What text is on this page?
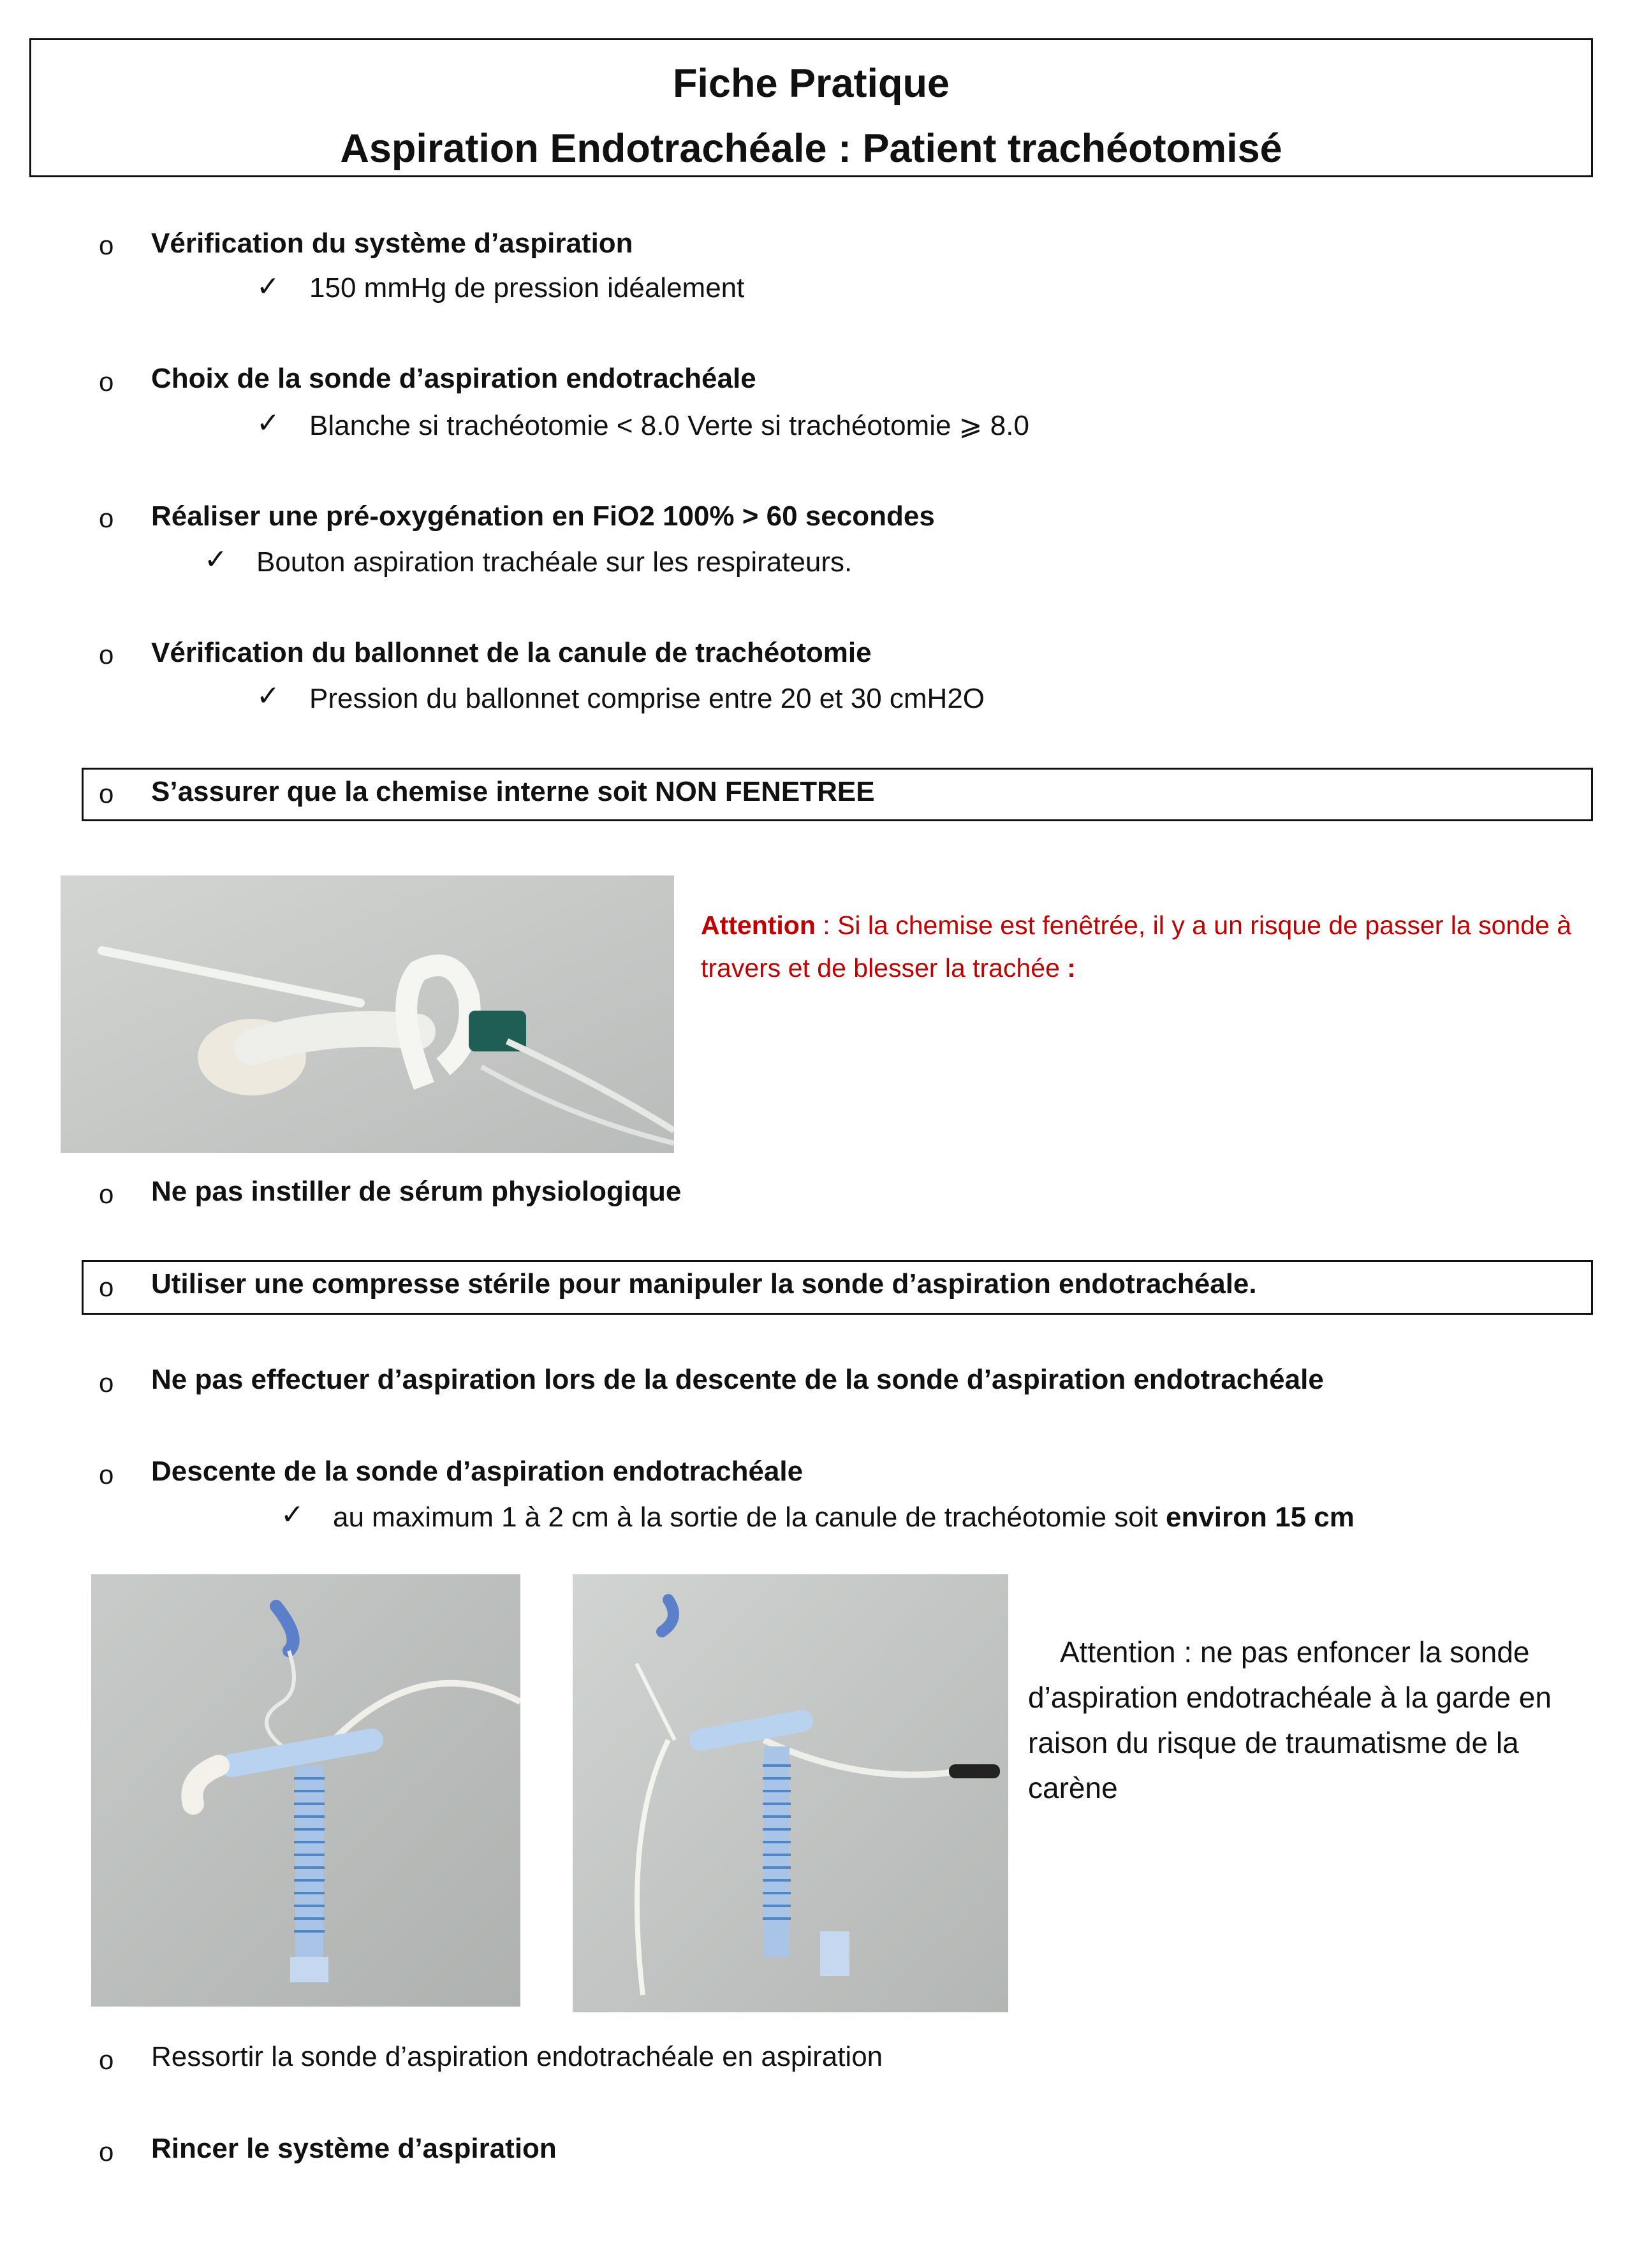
Fiche Pratique
Aspiration Endotrachéale : Patient trachéotomisé
o Vérification du système d’aspiration
✓ 150 mmHg de pression idéalement
o Choix de la sonde d’aspiration endotrachéale
✓ Blanche si trachéotomie < 8.0 Verte si trachéotomie ⩾ 8.0
o Réaliser une pré-oxygénation en FiO2 100% > 60 secondes
✓ Bouton aspiration trachéale sur les respirateurs.
o Vérification du ballonnet de la canule de trachéotomie
✓ Pression du ballonnet comprise entre 20 et 30 cmH2O
o S’assurer que la chemise interne soit NON FENETREE
Attention : Si la chemise est fenêtrée, il y a un risque de passer la sonde à travers et de blesser la trachée :
o Ne pas instiller de sérum physiologique
o Utiliser une compresse stérile pour manipuler la sonde d’aspiration endotrachéale.
o Ne pas effectuer d’aspiration lors de la descente de la sonde d’aspiration endotrachéale
o Descente de la sonde d’aspiration endotrachéale
✓ au maximum 1 à 2 cm à la sortie de la canule de trachéotomie soit environ 15 cm
Attention : ne pas enfoncer la sonde d’aspiration endotrachéale à la garde en raison du risque de traumatisme de la carène
o Ressortir la sonde d’aspiration endotrachéale en aspiration
o Rincer le système d’aspiration
